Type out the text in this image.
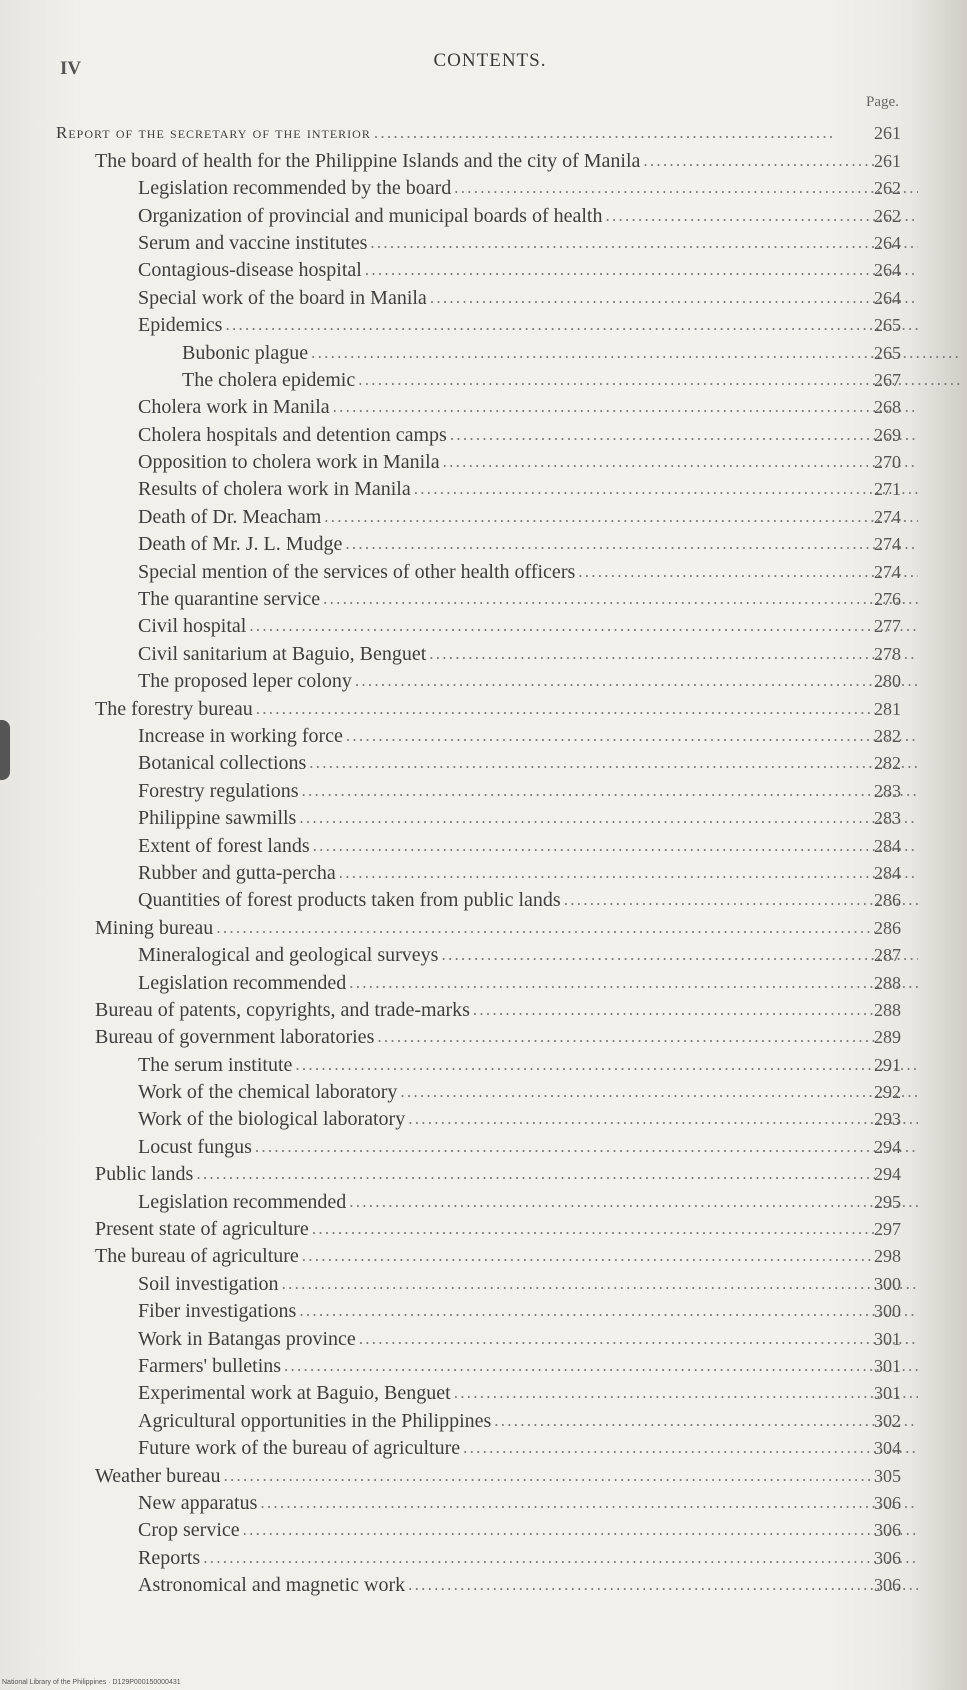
IV	CONTENTS.
Page.
Report of the secretary of the interior . . .	261
The board of health for the Philippine Islands and the city of Manila . . .	261
Legislation recommended by the board . . .	262
Organization of provincial and municipal boards of health . . .	262
Serum and vaccine institutes . . .	264
Contagious-disease hospital . . .	264
Special work of the board in Manila . . .	264
Epidemics . . .	265
Bubonic plague . . .	265
The cholera epidemic . . .	267
Cholera work in Manila . . .	268
Cholera hospitals and detention camps . . .	269
Opposition to cholera work in Manila . . .	270
Results of cholera work in Manila . . .	271
Death of Dr. Meacham . . .	274
Death of Mr. J. L. Mudge . . .	274
Special mention of the services of other health officers . . .	274
The quarantine service . . .	276
Civil hospital . . .	277
Civil sanitarium at Baguio, Benguet . . .	278
The proposed leper colony . . .	280
The forestry bureau . . .	281
Increase in working force . . .	282
Botanical collections . . .	282
Forestry regulations . . .	283
Philippine sawmills . . .	283
Extent of forest lands . . .	284
Rubber and gutta-percha . . .	284
Quantities of forest products taken from public lands . . .	286
Mining bureau . . .	286
Mineralogical and geological surveys . . .	287
Legislation recommended . . .	288
Bureau of patents, copyrights, and trade-marks . . .	288
Bureau of government laboratories . . .	289
The serum institute . . .	291
Work of the chemical laboratory . . .	292
Work of the biological laboratory . . .	293
Locust fungus . . .	294
Public lands . . .	294
Legislation recommended . . .	295
Present state of agriculture . . .	297
The bureau of agriculture . . .	298
Soil investigation . . .	300
Fiber investigations . . .	300
Work in Batangas province . . .	301
Farmers' bulletins . . .	301
Experimental work at Baguio, Benguet . . .	301
Agricultural opportunities in the Philippines . . .	302
Future work of the bureau of agriculture . . .	304
Weather bureau . . .	305
New apparatus . . .	306
Crop service . . .	306
Reports . . .	306
Astronomical and magnetic work . . .	306
National Library of the Philippines · D129P000150000431
